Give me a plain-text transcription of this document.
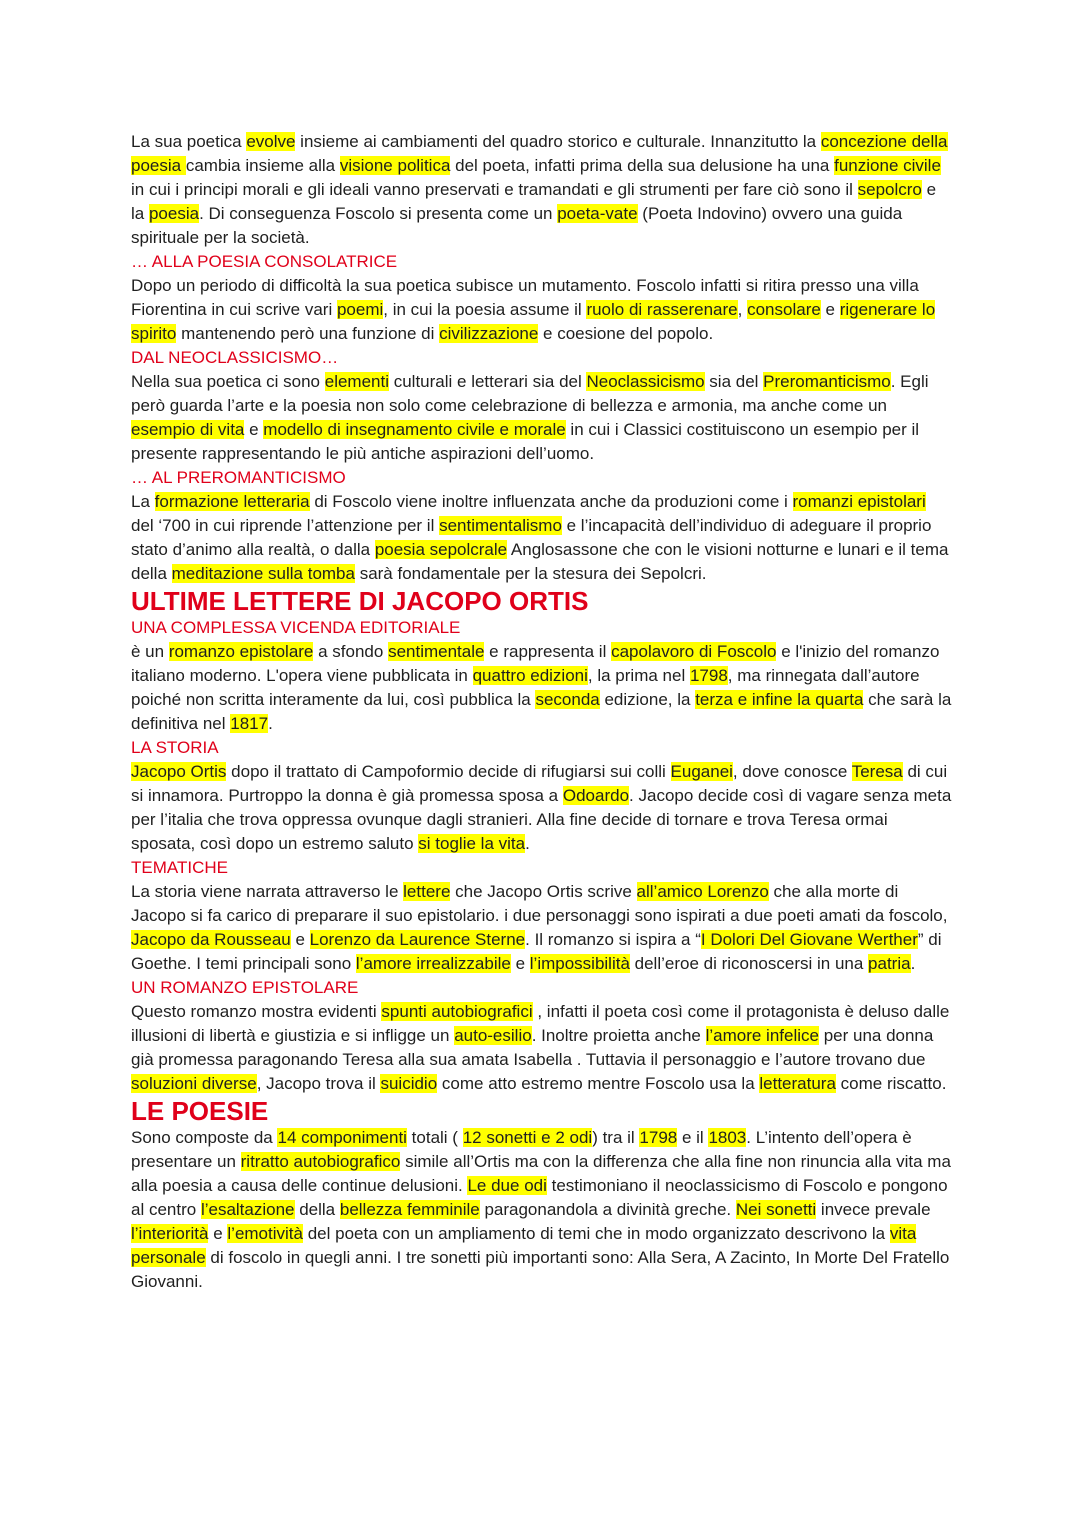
La sua poetica evolve insieme ai cambiamenti del quadro storico e culturale. Innanzitutto la concezione della poesia cambia insieme alla visione politica del poeta, infatti prima della sua delusione ha una funzione civile in cui i principi morali e gli ideali vanno preservati e tramandati e gli strumenti per fare ciò sono il sepolcro e la poesia. Di conseguenza Foscolo si presenta come un poeta-vate (Poeta Indovino) ovvero una guida spirituale per la società.

… ALLA POESIA CONSOLATRICE

Dopo un periodo di difficoltà la sua poetica subisce un mutamento. Foscolo infatti si ritira presso una villa Fiorentina in cui scrive vari poemi, in cui la poesia assume il ruolo di rasserenare, consolare e rigenerare lo spirito mantenendo però una funzione di civilizzazione e coesione del popolo.

DAL NEOCLASSICISMO…

Nella sua poetica ci sono elementi culturali e letterari sia del Neoclassicismo sia del Preromanticismo. Egli però guarda l’arte e la poesia non solo come celebrazione di bellezza e armonia, ma anche come un esempio di vita e modello di insegnamento civile e morale in cui i Classici costituiscono un esempio per il presente rappresentando le più antiche aspirazioni dell’uomo.

… AL PREROMANTICISMO

La formazione letteraria di Foscolo viene inoltre influenzata anche da produzioni come i romanzi epistolari del ‘700 in cui riprende l’attenzione per il sentimentalismo e l’incapacità dell’individuo di adeguare il proprio stato d’animo alla realtà, o dalla poesia sepolcrale Anglosassone che con le visioni notturne e lunari e il tema della meditazione sulla tomba sarà fondamentale per la stesura dei Sepolcri.

ULTIME LETTERE DI JACOPO ORTIS
UNA COMPLESSA VICENDA EDITORIALE

è un romanzo epistolare a sfondo sentimentale e rappresenta il capolavoro di Foscolo e l'inizio del romanzo italiano moderno. L'opera viene pubblicata in quattro edizioni, la prima nel 1798, ma rinnegata dall’autore poiché non scritta interamente da lui, così pubblica la seconda edizione, la terza e infine la quarta che sarà la definitiva nel 1817.

LA STORIA

Jacopo Ortis dopo il trattato di Campoformio decide di rifugiarsi sui colli Euganei, dove conosce Teresa di cui si innamora. Purtroppo la donna è già promessa sposa a Odoardo. Jacopo decide così di vagare senza meta per l’italia che trova oppressa ovunque dagli stranieri. Alla fine decide di tornare e trova Teresa ormai sposata, così dopo un estremo saluto si toglie la vita.

TEMATICHE

La storia viene narrata attraverso le lettere che Jacopo Ortis scrive all’amico Lorenzo che alla morte di Jacopo si fa carico di preparare il suo epistolario. i due personaggi sono ispirati a due poeti amati da foscolo, Jacopo da Rousseau e Lorenzo da Laurence Sterne. Il romanzo si ispira a “I Dolori Del Giovane Werther” di Goethe. I temi principali sono l’amore irrealizzabile e l’impossibilità dell’eroe di riconoscersi in una patria.

UN ROMANZO EPISTOLARE

Questo romanzo mostra evidenti spunti autobiografici , infatti il poeta così come il protagonista è deluso dalle illusioni di libertà e giustizia e si infligge un auto-esilio. Inoltre proietta anche l’amore infelice per una donna già promessa paragonando Teresa alla sua amata Isabella . Tuttavia il personaggio e l’autore trovano due soluzioni diverse, Jacopo trova il suicidio come atto estremo mentre Foscolo usa la letteratura come riscatto.

LE POESIE

Sono composte da 14 componimenti totali ( 12 sonetti e 2 odi) tra il 1798 e il 1803. L’intento dell’opera è presentare un ritratto autobiografico simile all’Ortis ma con la differenza che alla fine non rinuncia alla vita ma alla poesia a causa delle continue delusioni. Le due odi testimoniano il neoclassicismo di Foscolo e pongono al centro l’esaltazione della bellezza femminile paragonandola a divinità greche. Nei sonetti invece prevale l’interiorità e l’emotività del poeta con un ampliamento di temi che in modo organizzato descrivono la vita personale di foscolo in quegli anni. I tre sonetti più importanti sono: Alla Sera, A Zacinto, In Morte Del Fratello Giovanni.
